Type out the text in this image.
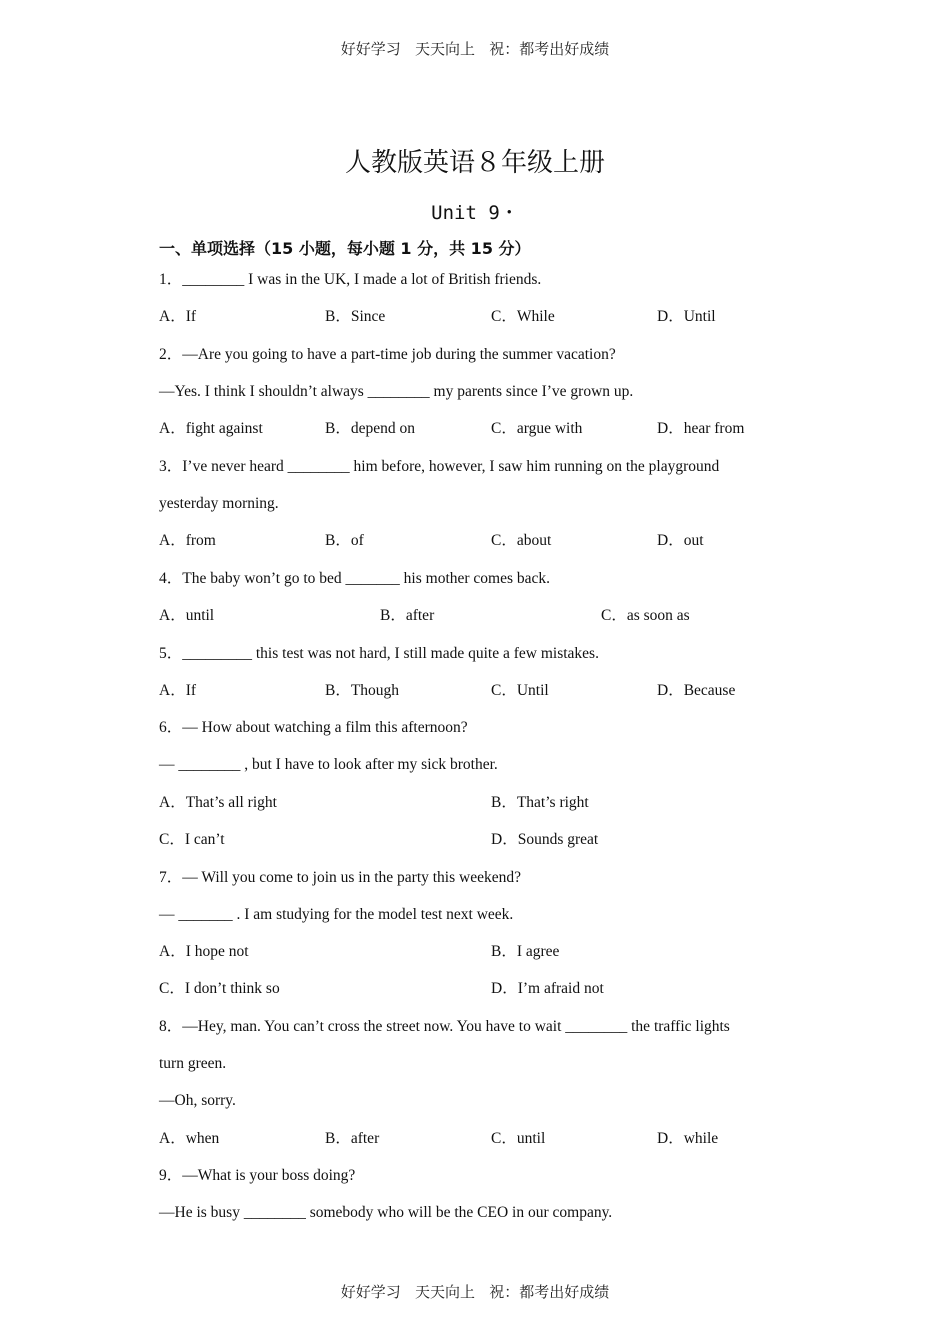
好好学习   天天向上   祝：都考出好成绩
人教版英语８年级上册
Unit 9・
一、单项选择（15 小题，每小题 1 分，共 15 分）
1．________ I was in the UK, I made a lot of British friends.
A．If	B．Since	C．While	D．Until
2．—Are you going to have a part-time job during the summer vacation?
—Yes. I think I shouldn’t always ________ my parents since I’ve grown up.
A．fight against	B．depend on	C．argue with	D．hear from
3．I’ve never heard ________ him before, however, I saw him running on the playground
yesterday morning.
A．from	B．of	C．about	D．out
4．The baby won’t go to bed _______ his mother comes back.
A．until	B．after	C．as soon as
5．_________ this test was not hard, I still made quite a few mistakes.
A．If	B．Though	C．Until	D．Because
6．— How about watching a film this afternoon?
— ________ , but I have to look after my sick brother.
A．That’s all right	B．That’s right
C．I can’t	D．Sounds great
7．— Will you come to join us in the party this weekend?
— _______ . I am studying for the model test next week.
A．I hope not	B．I agree
C．I don’t think so	D．I’m afraid not
8．—Hey, man. You can’t cross the street now. You have to wait ________ the traffic lights
turn green.
—Oh, sorry.
A．when	B．after	C．until	D．while
9．—What is your boss doing?
—He is busy ________ somebody who will be the CEO in our company.
好好学习   天天向上   祝：都考出好成绩
